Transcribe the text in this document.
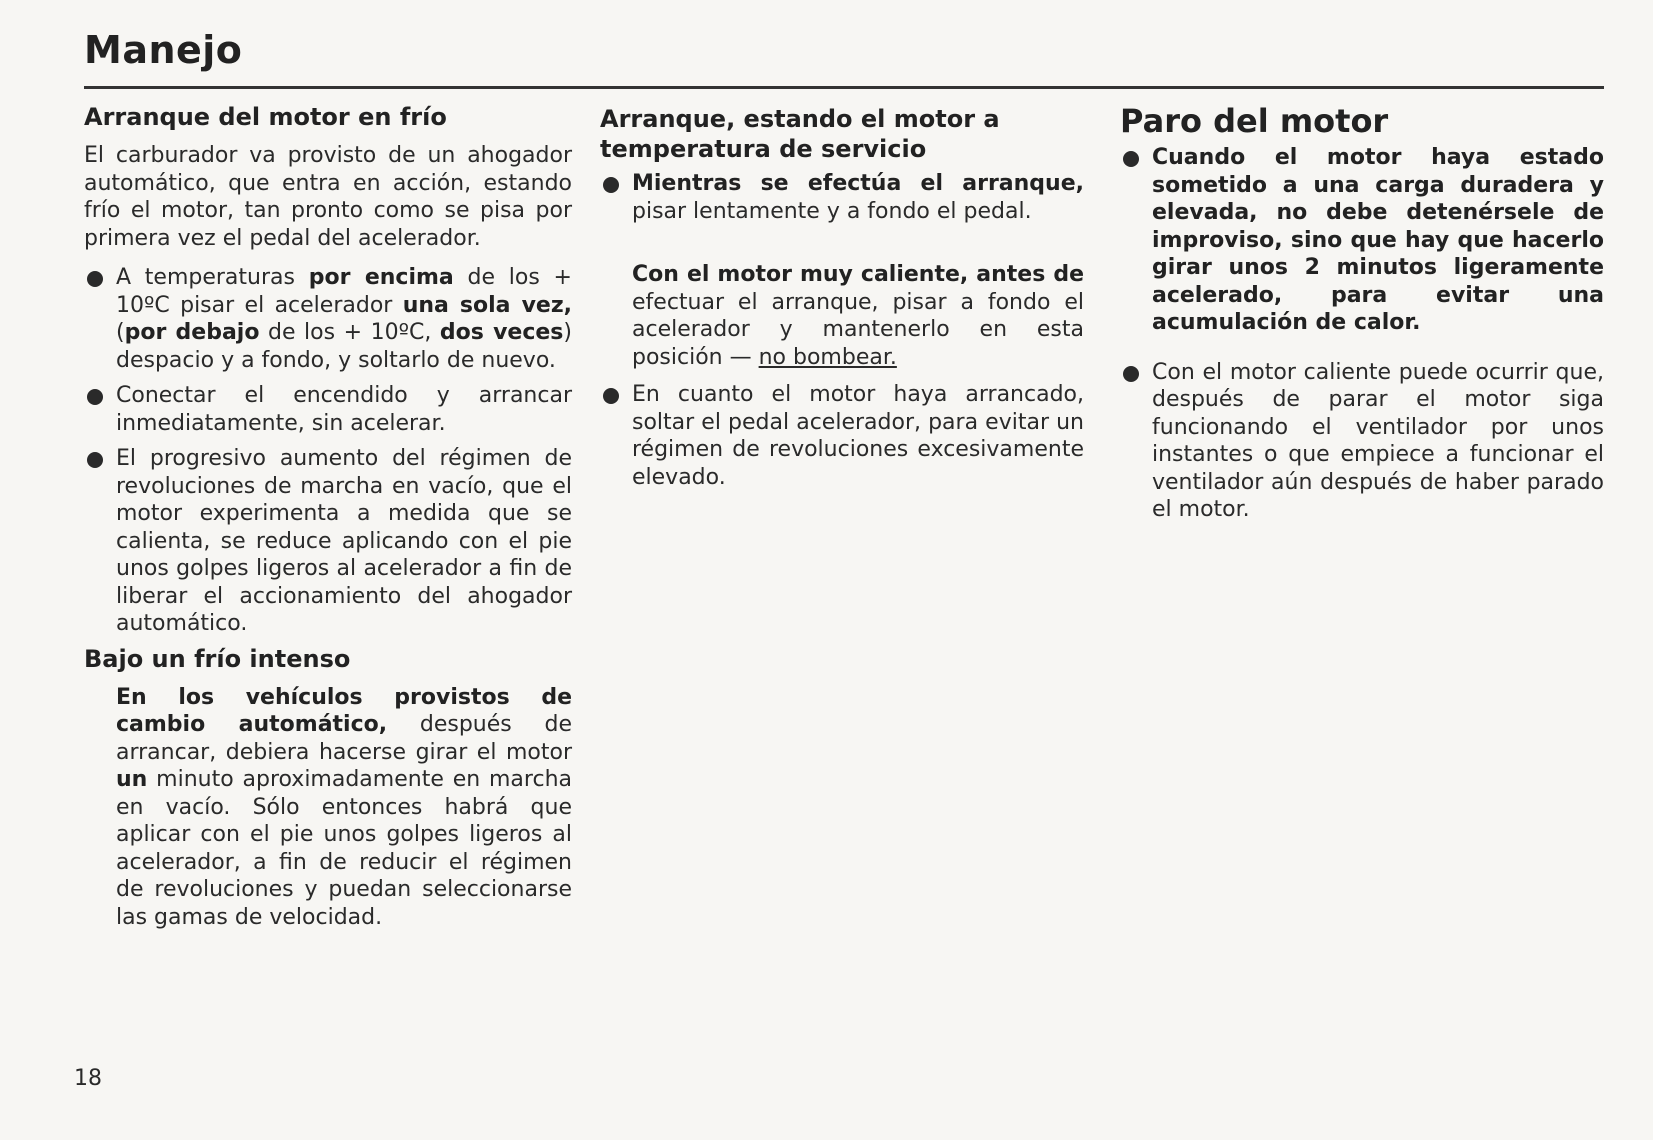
Manejo
Arranque del motor en frío

El carburador va provisto de un ahogador automático, que entra en acción, estando frío el motor, tan pronto como se pisa por primera vez el pedal del acelerador.

A temperaturas por encima de los + 10ºC pisar el acelerador una sola vez, (por debajo de los + 10ºC, dos veces) despacio y a fondo, y soltarlo de nuevo.
Conectar el encendido y arrancar inmediatamente, sin acelerar.
El progresivo aumento del régimen de revoluciones de marcha en vacío, que el motor experimenta a medida que se calienta, se reduce aplicando con el pie unos golpes ligeros al acelerador a fin de liberar el accionamiento del ahogador automático.
Bajo un frío intenso

En los vehículos provistos de cambio automático, después de arrancar, debiera hacerse girar el motor un minuto aproximadamente en marcha en vacío. Sólo entonces habrá que aplicar con el pie unos golpes ligeros al acelerador, a fin de reducir el régimen de revoluciones y puedan seleccionarse las gamas de velocidad.

Arranque, estando el motor a temperatura de servicio
Mientras se efectúa el arranque, pisar lentamente y a fondo el pedal.

Con el motor muy caliente, antes de efectuar el arranque, pisar a fondo el acelerador y mantenerlo en esta posición — no bombear.

En cuanto el motor haya arrancado, soltar el pedal acelerador, para evitar un régimen de revoluciones excesivamente elevado.
Paro del motor
Cuando el motor haya estado sometido a una carga duradera y elevada, no debe detenérsele de improviso, sino que hay que hacerlo girar unos 2 minutos ligeramente acelerado, para evitar una acumulación de calor.
Con el motor caliente puede ocurrir que, después de parar el motor siga funcionando el ventilador por unos instantes o que empiece a funcionar el ventilador aún después de haber parado el motor.

18
